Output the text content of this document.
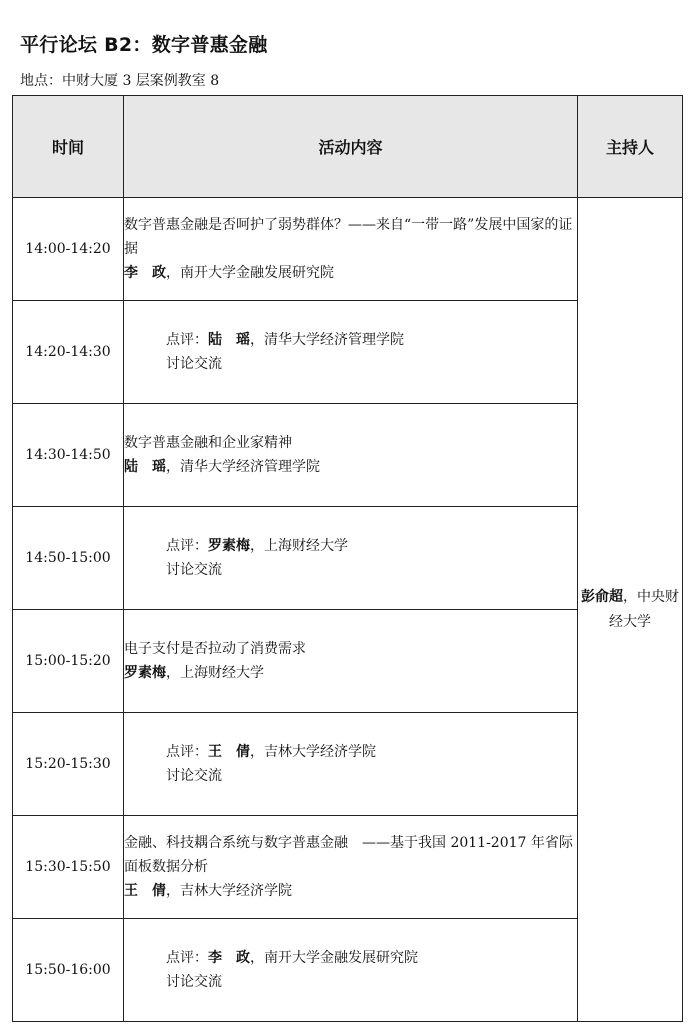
平行论坛 B2：数字普惠金融

地点：中财大厦 3 层案例教室 8

时间	活动内容	主持人
14:00-14:20	数字普惠金融是否呵护了弱势群体？——来自“一带一路”发展中国家的证据
李　政，南开大学金融发展研究院	彭俞超，中央财经大学
14:20-14:30	点评：陆　瑶，清华大学经济管理学院
讨论交流	

14:30-14:50	数字普惠金融和企业家精神
陆　瑶，清华大学经济管理学院	

14:50-15:00	点评：罗素梅，上海财经大学
讨论交流	

15:00-15:20	电子支付是否拉动了消费需求
罗素梅，上海财经大学	

15:20-15:30	点评：王　倩，吉林大学经济学院
讨论交流	

15:30-15:50	金融、科技耦合系统与数字普惠金融　——基于我国 2011-2017 年省际面板数据分析
王　倩，吉林大学经济学院	

15:50-16:00	点评：李　政，南开大学金融发展研究院
讨论交流	
